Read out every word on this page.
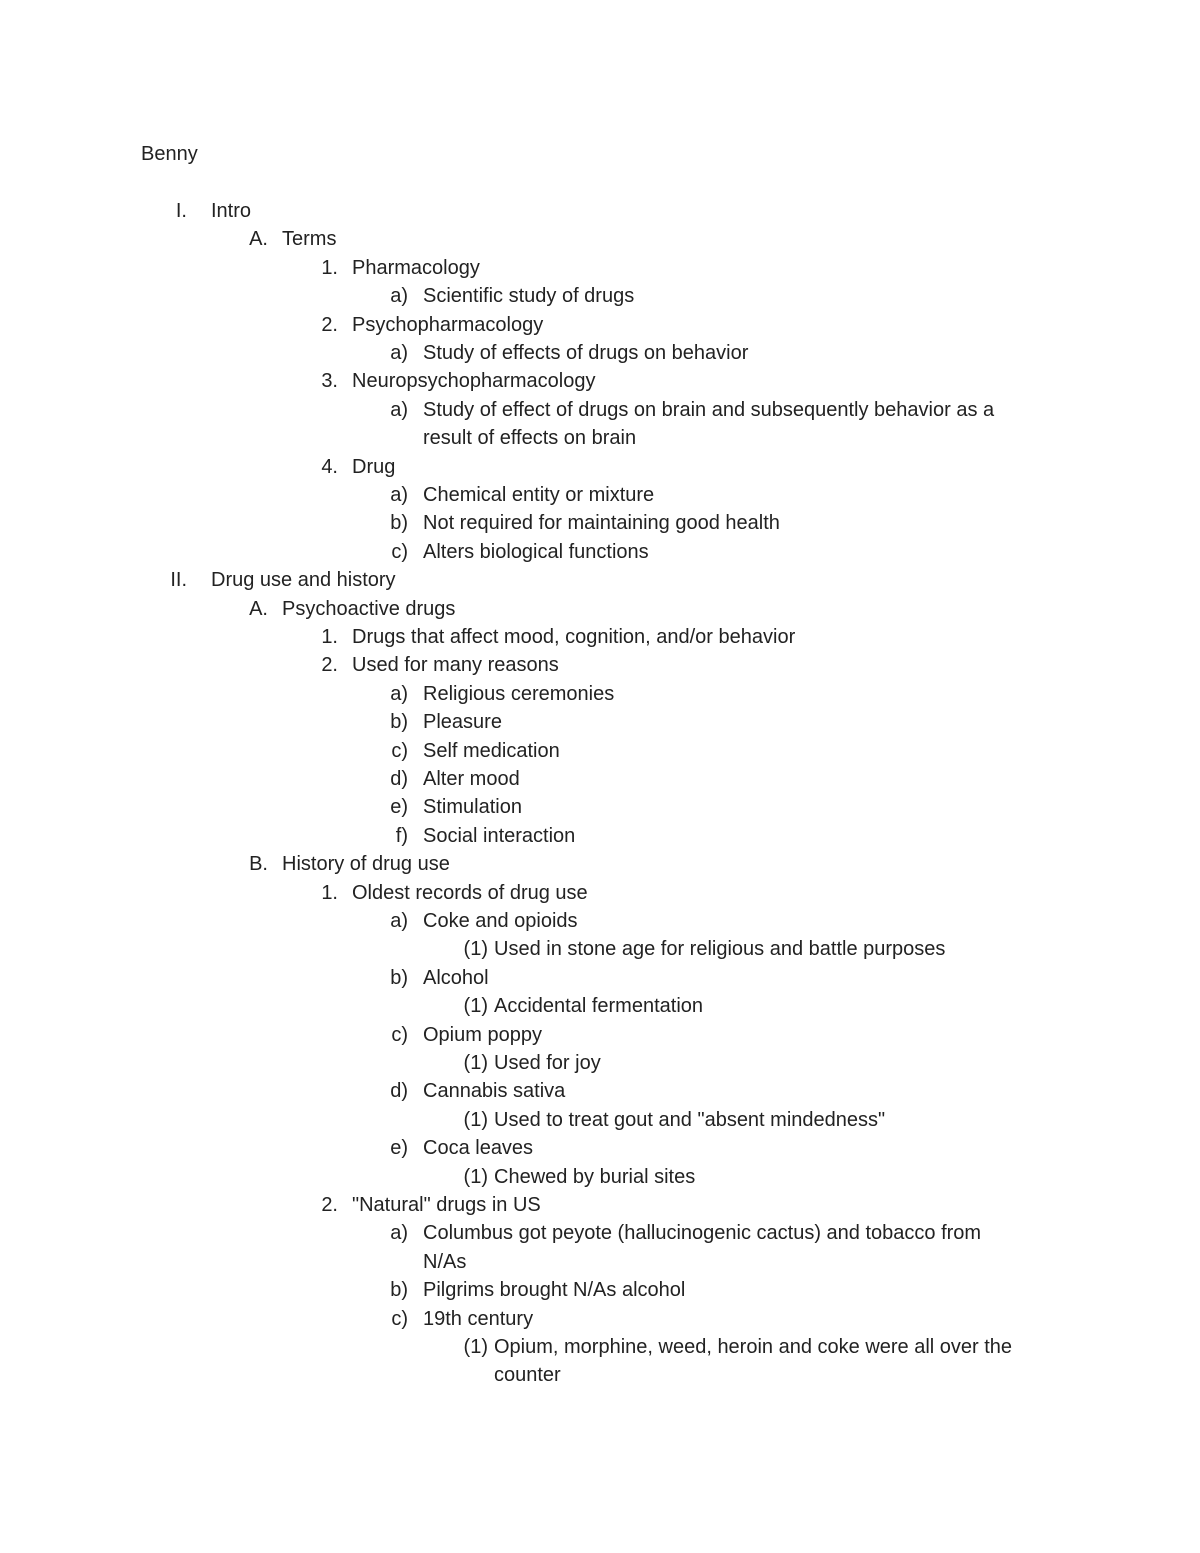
Benny
I. Intro
A. Terms
1. Pharmacology
a) Scientific study of drugs
2. Psychopharmacology
a) Study of effects of drugs on behavior
3. Neuropsychopharmacology
a) Study of effect of drugs on brain and subsequently behavior as a
result of effects on brain
4. Drug
a) Chemical entity or mixture
b) Not required for maintaining good health
c) Alters biological functions
II. Drug use and history
A. Psychoactive drugs
1. Drugs that affect mood, cognition, and/or behavior
2. Used for many reasons
a) Religious ceremonies
b) Pleasure
c) Self medication
d) Alter mood
e) Stimulation
f) Social interaction
B. History of drug use
1. Oldest records of drug use
a) Coke and opioids
(1) Used in stone age for religious and battle purposes
b) Alcohol
(1) Accidental fermentation
c) Opium poppy
(1) Used for joy
d) Cannabis sativa
(1) Used to treat gout and "absent mindedness"
e) Coca leaves
(1) Chewed by burial sites
2. "Natural" drugs in US
a) Columbus got peyote (hallucinogenic cactus) and tobacco from
N/As
b) Pilgrims brought N/As alcohol
c) 19th century
(1) Opium, morphine, weed, heroin and coke were all over the
counter
